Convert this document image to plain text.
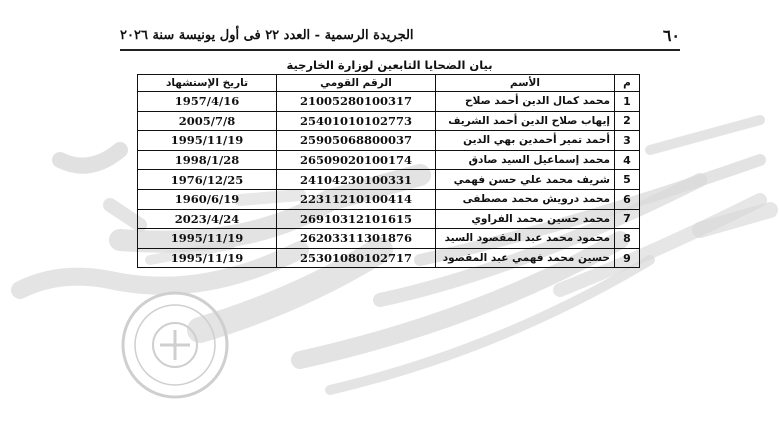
٦٠
الجريدة الرسمية - العدد ٢٢ فى أول يونيسة سنة ٢٠٢٦
بيان الضحايا التابعين لوزارة الخارجية
م	الأسم	الرقم القومي	تاريخ الإستشهاد
1	محمد كمال الدين أحمد صلاح	21005280100317	1957/4/16
2	إيهاب صلاح الدين أحمد الشريف	25401010102773	2005/7/8
3	أحمد تمير أحمدين بهي الدين	25905068800037	1995/11/19
4	محمد إسماعيل السيد صادق	26509020100174	1998/1/28
5	شريف محمد علي حسن فهمي	24104230100331	1976/12/25
6	محمد درويش محمد مصطفى	22311210100414	1960/6/19
7	محمد حسين محمد الفراوي	26910312101615	2023/4/24
8	محمود محمد عبد المقصود السيد	26203311301876	1995/11/19
9	حسين محمد فهمي عبد المقصود	25301080102717	1995/11/19
